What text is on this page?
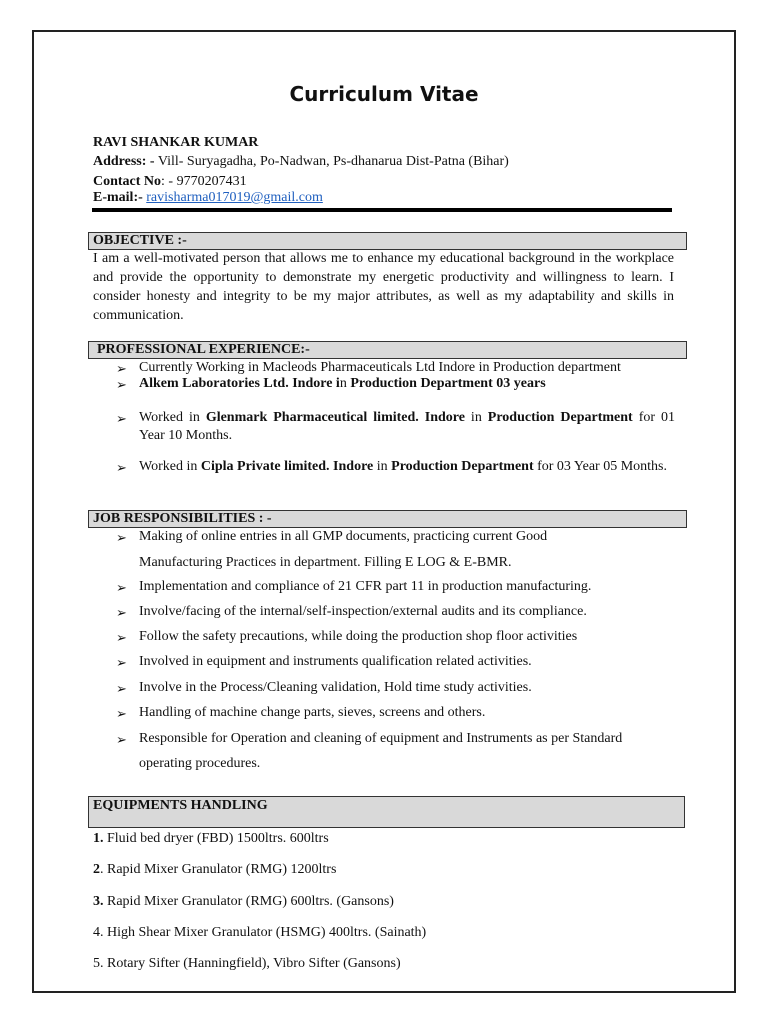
Curriculum Vitae
RAVI SHANKAR KUMAR
Address: - Vill- Suryagadha, Po-Nadwan, Ps-dhanarua Dist-Patna (Bihar)
Contact No: - 9770207431
E-mail:- ravisharma017019@gmail.com
OBJECTIVE :-
I am a well-motivated person that allows me to enhance my educational background in the workplace and provide the opportunity to demonstrate my energetic productivity and willingness to learn. I consider honesty and integrity to be my major attributes, as well as my adaptability and skills in communication.
PROFESSIONAL EXPERIENCE:-
➢ Currently Working in Macleods Pharmaceuticals Ltd Indore in Production department
➢ Alkem Laboratories Ltd. Indore in Production Department 03 years
➢ Worked in Glenmark Pharmaceutical limited. Indore in Production Department for 01 Year 10 Months.
➢ Worked in Cipla Private limited. Indore in Production Department for 03 Year 05 Months.
JOB RESPONSIBILITIES : -
➢ Making of online entries in all GMP documents, practicing current Good
Manufacturing Practices in department. Filling E LOG & E-BMR.
➢ Implementation and compliance of 21 CFR part 11 in production manufacturing.
➢ Involve/facing of the internal/self-inspection/external audits and its compliance.
➢ Follow the safety precautions, while doing the production shop floor activities
➢ Involved in equipment and instruments qualification related activities.
➢ Involve in the Process/Cleaning validation, Hold time study activities.
➢ Handling of machine change parts, sieves, screens and others.
➢ Responsible for Operation and cleaning of equipment and Instruments as per Standard
operating procedures.
EQUIPMENTS HANDLING
1. Fluid bed dryer (FBD) 1500ltrs. 600ltrs
2. Rapid Mixer Granulator (RMG) 1200ltrs
3. Rapid Mixer Granulator (RMG) 600ltrs. (Gansons)
4. High Shear Mixer Granulator (HSMG) 400ltrs. (Sainath)
5. Rotary Sifter (Hanningfield), Vibro Sifter (Gansons)
